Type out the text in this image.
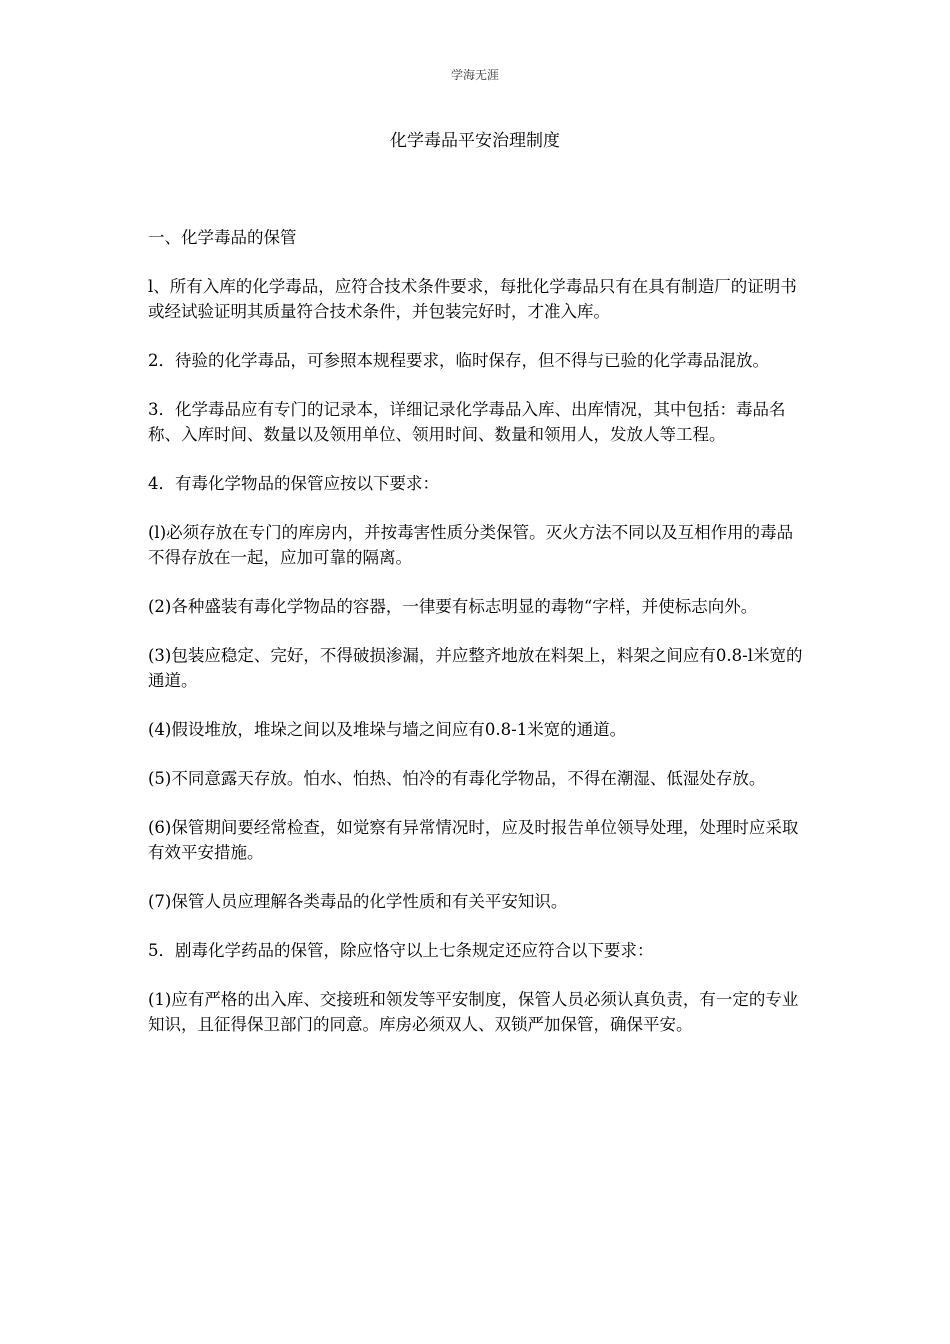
学海无涯
化学毒品平安治理制度

一、化学毒品的保管

l、所有入库的化学毒品，应符合技术条件要求，每批化学毒品只有在具有制造厂的证明书或经试验证明其质量符合技术条件，并包装完好时，才准入库。

2．待验的化学毒品，可参照本规程要求，临时保存，但不得与已验的化学毒品混放。

3．化学毒品应有专门的记录本，详细记录化学毒品入库、出库情况，其中包括：毒品名称、入库时间、数量以及领用单位、领用时间、数量和领用人，发放人等工程。

4．有毒化学物品的保管应按以下要求：

(l)必须存放在专门的库房内，并按毒害性质分类保管。灭火方法不同以及互相作用的毒品不得存放在一起，应加可靠的隔离。

(2)各种盛装有毒化学物品的容器，一律要有标志明显的毒物“字样，并使标志向外。

(3)包装应稳定、完好，不得破损渗漏，并应整齐地放在料架上，料架之间应有0.8-l米宽的通道。

(4)假设堆放，堆垛之间以及堆垛与墙之间应有0.8-1米宽的通道。

(5)不同意露天存放。怕水、怕热、怕冷的有毒化学物品，不得在潮湿、低湿处存放。

(6)保管期间要经常检查，如觉察有异常情况时，应及时报告单位领导处理，处理时应采取有效平安措施。

(7)保管人员应理解各类毒品的化学性质和有关平安知识。

5．剧毒化学药品的保管，除应恪守以上七条规定还应符合以下要求：

(1)应有严格的出入库、交接班和领发等平安制度，保管人员必须认真负责，有一定的专业知识，且征得保卫部门的同意。库房必须双人、双锁严加保管，确保平安。
